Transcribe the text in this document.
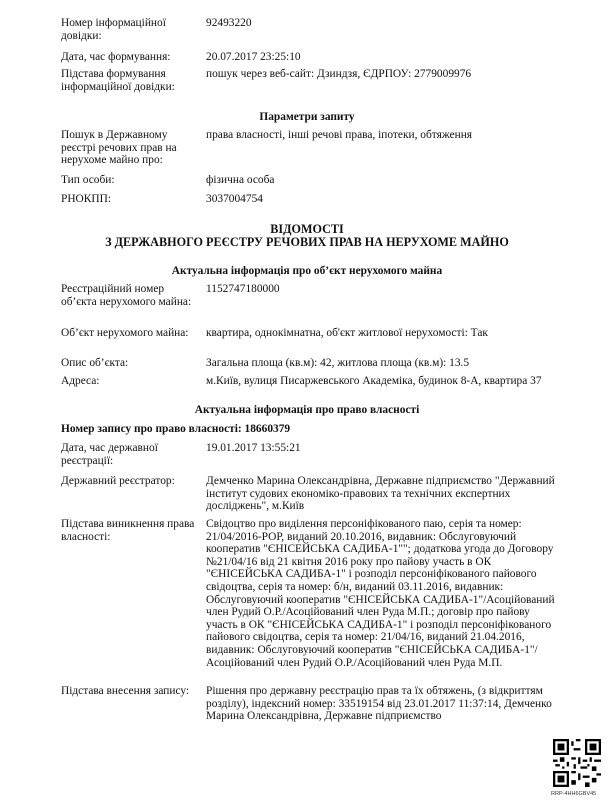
Номер інформаційної довідки:
92493220
Дата, час формування:	20.07.2017 23:25:10
Підстава формування інформаційної довідки:
пошук через веб-сайт: Дзиндзя, ЄДРПОУ: 2779009976
Параметри запиту
Пошук в Державному реєстрі речових прав на нерухоме майно про:
права власності, інші речові права, іпотеки, обтяження
Тип особи:	фізична особа
РНОКПП:	3037004754
ВІДОМОСТІ
З ДЕРЖАВНОГО РЕЄСТРУ РЕЧОВИХ ПРАВ НА НЕРУХОМЕ МАЙНО
Актуальна інформація про об’єкт нерухомого майна
Реєстраційний номер об’єкта нерухомого майна:
1152747180000
Об’єкт нерухомого майна:	квартира, однокімнатна, об'єкт житлової нерухомості: Так
Опис об’єкта:	Загальна площа (кв.м): 42, житлова площа (кв.м): 13.5
Адреса:	м.Київ, вулиця Писаржевського Академіка, будинок 8-А, квартира 37
Актуальна інформація про право власності
Номер запису про право власності: 18660379
Дата, час державної реєстрації:
19.01.2017 13:55:21
Державний реєстратор:	Демченко Марина Олександрівна, Державне підприємство "Державний інститут судових економіко-правових та технічних експертних досліджень", м.Київ
Підстава виникнення права власності:
Свідоцтво про виділення персоніфікованого паю, серія та номер: 21/04/2016-РОР, виданий 20.10.2016, видавник: Обслуговуючий кооператив "ЄНІСЕЙСЬКА САДИБА-1""; додаткова угода до Договору №21/04/16 від 21 квітня 2016 року про пайову участь в ОК "ЄНІСЕЙСЬКА САДИБА-1" і розподіл персоніфікованого пайового свідоцтва, серія та номер: б/н, виданий 03.11.2016, видавник: Обслуговуючий кооператив "ЄНІСЕЙСЬКА САДИБА-1"/Асоційований член Рудий О.Р./Асоційований член Руда М.П.; договір про пайову участь в ОК "ЄНІСЕЙСЬКА САДИБА-1" і розподіл персоніфікованого пайового свідоцтва, серія та номер: 21/04/16, виданий 21.04.2016, видавник: Обслуговуючий кооператив "ЄНІСЕЙСЬКА САДИБА-1"/Асоційований член Рудий О.Р./Асоційований член Руда М.П.
Підстава внесення запису:	Рішення про державну реєстрацію прав та їх обтяжень, (з відкриттям розділу), індексний номер: 33519154 від 23.01.2017 11:37:14, Демченко Марина Олександрівна, Державне підприємство
RRP-4HH6GBV45
